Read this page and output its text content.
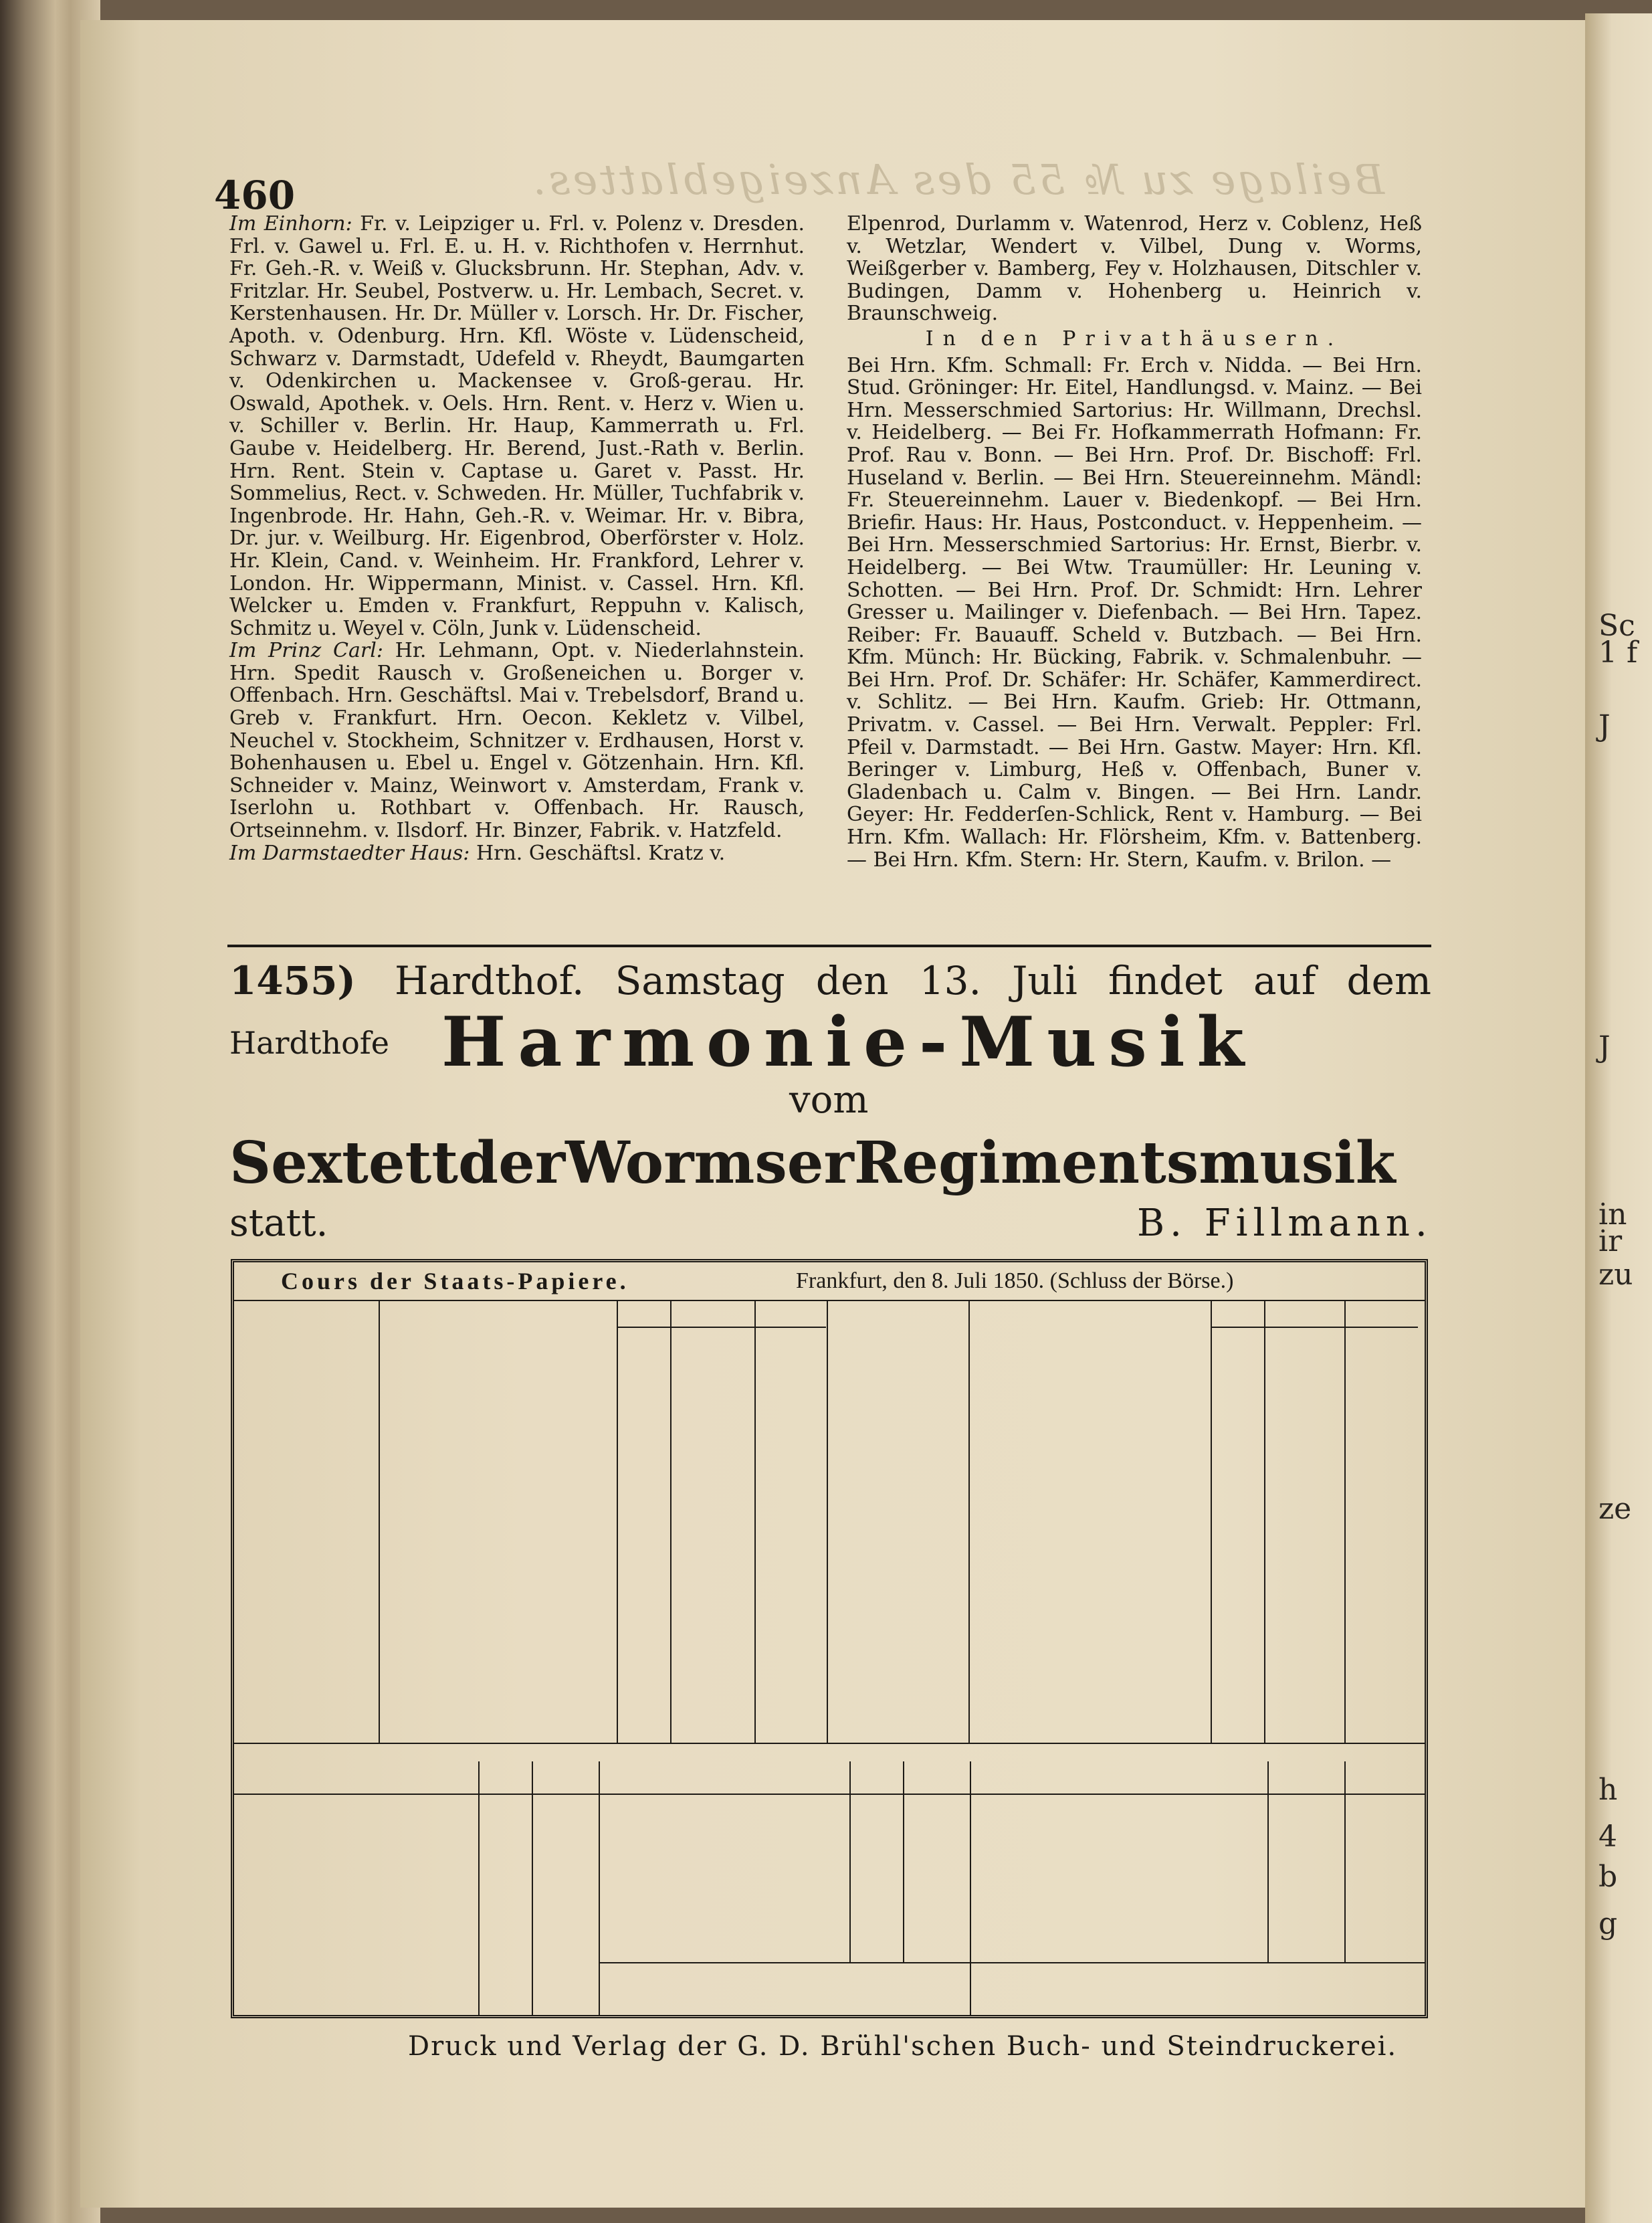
Sc
1 f
J
J
in
ir
zu
ze
h
4
b
g
460	Beilage zu № 55 des Anzeigeblattes.

Im Einhorn: Fr. v. Leipziger u. Frl. v. Polenz v. Dresden. Frl. v. Gawel u. Frl. E. u. H. v. Richthofen v. Herrnhut. Fr. Geh.-R. v. Weiß v. Glucksbrunn. Hr. Stephan, Adv. v. Fritzlar. Hr. Seubel, Postverw. u. Hr. Lembach, Secret. v. Kerstenhausen. Hr. Dr. Müller v. Lorsch. Hr. Dr. Fischer, Apoth. v. Odenburg. Hrn. Kfl. Wöste v. Lüdenscheid, Schwarz v. Darmstadt, Udefeld v. Rheydt, Baumgarten v. Odenkirchen u. Mackensee v. Groß-gerau. Hr. Oswald, Apothek. v. Oels. Hrn. Rent. v. Herz v. Wien u. v. Schiller v. Berlin. Hr. Haup, Kammerrath u. Frl. Gaube v. Heidelberg. Hr. Berend, Just.-Rath v. Berlin. Hrn. Rent. Stein v. Captase u. Garet v. Passt. Hr. Sommelius, Rect. v. Schweden. Hr. Müller, Tuchfabrik v. Ingenbrode. Hr. Hahn, Geh.-R. v. Weimar. Hr. v. Bibra, Dr. jur. v. Weilburg. Hr. Eigenbrod, Oberförster v. Holz. Hr. Klein, Cand. v. Weinheim. Hr. Frankford, Lehrer v. London. Hr. Wippermann, Minist. v. Cassel. Hrn. Kfl. Welcker u. Emden v. Frankfurt, Reppuhn v. Kalisch, Schmitz u. Weyel v. Cöln, Junk v. Lüdenscheid.

Im Prinz Carl: Hr. Lehmann, Opt. v. Niederlahnstein. Hrn. Spedit Rausch v. Großeneichen u. Borger v. Offenbach. Hrn. Geschäftsl. Mai v. Trebelsdorf, Brand u. Greb v. Frankfurt. Hrn. Oecon. Kekletz v. Vilbel, Neuchel v. Stockheim, Schnitzer v. Erdhausen, Horst v. Bohenhausen u. Ebel u. Engel v. Götzenhain. Hrn. Kfl. Schneider v. Mainz, Weinwort v. Amsterdam, Frank v. Iserlohn u. Rothbart v. Offenbach. Hr. Rausch, Ortseinnehm. v. Ilsdorf. Hr. Binzer, Fabrik. v. Hatzfeld.

Im Darmstaedter Haus: Hrn. Geschäftsl. Kratz v.

Elpenrod, Durlamm v. Watenrod, Herz v. Coblenz, Heß v. Wetzlar, Wendert v. Vilbel, Dung v. Worms, Weißgerber v. Bamberg, Fey v. Holzhausen, Ditschler v. Budingen, Damm v. Hohenberg u. Heinrich v. Braunschweig.

In den Privathäusern.

Bei Hrn. Kfm. Schmall: Fr. Erch v. Nidda. — Bei Hrn. Stud. Gröninger: Hr. Eitel, Handlungsd. v. Mainz. — Bei Hrn. Messerschmied Sartorius: Hr. Willmann, Drechsl. v. Heidelberg. — Bei Fr. Hofkammerrath Hofmann: Fr. Prof. Rau v. Bonn. — Bei Hrn. Prof. Dr. Bischoff: Frl. Huseland v. Berlin. — Bei Hrn. Steuereinnehm. Mändl: Fr. Steuereinnehm. Lauer v. Biedenkopf. — Bei Hrn. Briefir. Haus: Hr. Haus, Postconduct. v. Heppenheim. — Bei Hrn. Messerschmied Sartorius: Hr. Ernst, Bierbr. v. Heidelberg. — Bei Wtw. Traumüller: Hr. Leuning v. Schotten. — Bei Hrn. Prof. Dr. Schmidt: Hrn. Lehrer Gresser u. Mailinger v. Diefenbach. — Bei Hrn. Tapez. Reiber: Fr. Bauauff. Scheld v. Butzbach. — Bei Hrn. Kfm. Münch: Hr. Bücking, Fabrik. v. Schmalenbuhr. — Bei Hrn. Prof. Dr. Schäfer: Hr. Schäfer, Kammerdirect. v. Schlitz. — Bei Hrn. Kaufm. Grieb: Hr. Ottmann, Privatm. v. Cassel. — Bei Hrn. Verwalt. Peppler: Frl. Pfeil v. Darmstadt. — Bei Hrn. Gastw. Mayer: Hrn. Kfl. Beringer v. Limburg, Heß v. Offenbach, Buner v. Gladenbach u. Calm v. Bingen. — Bei Hrn. Landr. Geyer: Hr. Fedderſen-Schlick, Rent v. Hamburg. — Bei Hrn. Kfm. Wallach: Hr. Flörsheim, Kfm. v. Battenberg. — Bei Hrn. Kfm. Stern: Hr. Stern, Kaufm. v. Brilon. —

1455) Hardthof. Samstag den 13. Juli findet auf dem
Hardthofe Harmonie-Musik
vom
Sextett der Wormser Regimentsmusik
statt.	B. Fillmann.
Cours der Staats-Papiere.	Frankfurt, den 8. Juli 1850. (Schluss der Börse.)
Druck und Verlag der G. D. Brühl'schen Buch- und Steindruckerei.
